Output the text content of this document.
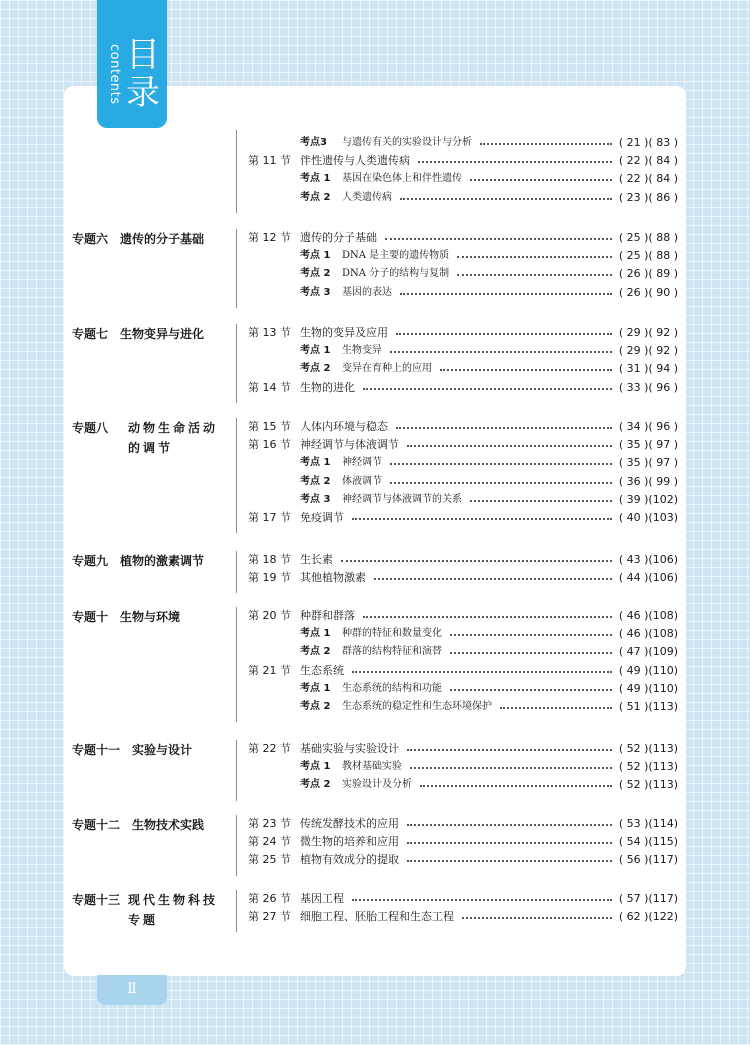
contents 目录
考点3 与遗传有关的实验设计与分析	( 21 )( 83 )
第 11 节 伴性遗传与人类遗传病	( 22 )( 84 )
考点 1 基因在染色体上和伴性遗传	( 22 )( 84 )
考点 2 人类遗传病	( 23 )( 86 )
专题六 遗传的分子基础	第 12 节 遗传的分子基础	( 25 )( 88 )
考点 1 DNA 是主要的遗传物质	( 25 )( 88 )
考点 2 DNA 分子的结构与复制	( 26 )( 89 )
考点 3 基因的表达	( 26 )( 90 )
专题七 生物变异与进化	第 13 节 生物的变异及应用	( 29 )( 92 )
考点 1 生物变异	( 29 )( 92 )
考点 2 变异在育种上的应用	( 31 )( 94 )
第 14 节 生物的进化	( 33 )( 96 )
专题八 动物生命活动的调节
第 15 节 人体内环境与稳态	( 34 )( 96 )
第 16 节 神经调节与体液调节	( 35 )( 97 )
考点 1 神经调节	( 35 )( 97 )
考点 2 体液调节	( 36 )( 99 )
考点 3 神经调节与体液调节的关系	( 39 )(102)
第 17 节 免疫调节	( 40 )(103)
专题九 植物的激素调节	第 18 节 生长素	( 43 )(106)
第 19 节 其他植物激素	( 44 )(106)
专题十 生物与环境	第 20 节 种群和群落	( 46 )(108)
考点 1 种群的特征和数量变化	( 46 )(108)
考点 2 群落的结构特征和演替	( 47 )(109)
第 21 节 生态系统	( 49 )(110)
考点 1 生态系统的结构和功能	( 49 )(110)
考点 2 生态系统的稳定性和生态环境保护	( 51 )(113)
专题十一 实验与设计	第 22 节 基础实验与实验设计	( 52 )(113)
考点 1 教材基础实验	( 52 )(113)
考点 2 实验设计及分析	( 52 )(113)
专题十二 生物技术实践	第 23 节 传统发酵技术的应用	( 53 )(114)
第 24 节 微生物的培养和应用	( 54 )(115)
第 25 节 植物有效成分的提取	( 56 )(117)
专题十三 现代生物科技专题
第 26 节 基因工程	( 57 )(117)
第 27 节 细胞工程、胚胎工程和生态工程	( 62 )(122)
Ⅱ
